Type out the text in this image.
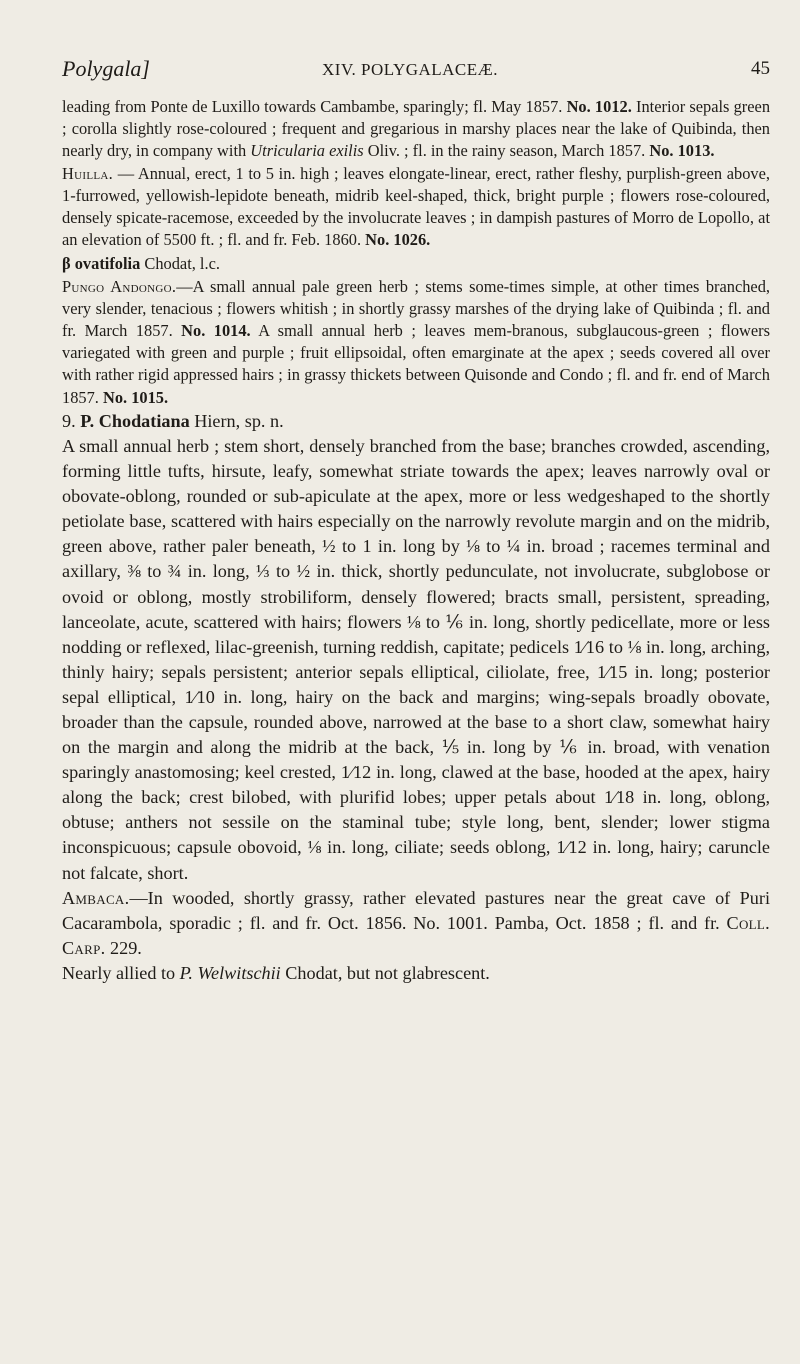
Polygala]	XIV. POLYGALACEÆ.	45

leading from Ponte de Luxillo towards Cambambe, sparingly; fl. May 1857. No. 1012. Interior sepals green ; corolla slightly rose-coloured ; frequent and gregarious in marshy places near the lake of Quibinda, then nearly dry, in company with Utricularia exilis Oliv. ; fl. in the rainy season, March 1857. No. 1013.

Huilla. — Annual, erect, 1 to 5 in. high ; leaves elongate-linear, erect, rather fleshy, purplish-green above, 1-furrowed, yellowish-lepidote beneath, midrib keel-shaped, thick, bright purple ; flowers rose-coloured, densely spicate-racemose, exceeded by the involucrate leaves ; in dampish pastures of Morro de Lopollo, at an elevation of 5500 ft. ; fl. and fr. Feb. 1860. No. 1026.

β ovatifolia Chodat, l.c.

Pungo Andongo.—A small annual pale green herb ; stems some-times simple, at other times branched, very slender, tenacious ; flowers whitish ; in shortly grassy marshes of the drying lake of Quibinda ; fl. and fr. March 1857. No. 1014. A small annual herb ; leaves mem-branous, subglaucous-green ; flowers variegated with green and purple ; fruit ellipsoidal, often emarginate at the apex ; seeds covered all over with rather rigid appressed hairs ; in grassy thickets between Quisonde and Condo ; fl. and fr. end of March 1857. No. 1015.

9. P. Chodatiana Hiern, sp. n.

A small annual herb ; stem short, densely branched from the base; branches crowded, ascending, forming little tufts, hirsute, leafy, somewhat striate towards the apex; leaves narrowly oval or obovate-oblong, rounded or sub-apiculate at the apex, more or less wedgeshaped to the shortly petiolate base, scattered with hairs especially on the narrowly revolute margin and on the midrib, green above, rather paler beneath, ½ to 1 in. long by ⅛ to ¼ in. broad ; racemes terminal and axillary, ⅜ to ¾ in. long, ⅓ to ½ in. thick, shortly pedunculate, not involucrate, subglobose or ovoid or oblong, mostly strobiliform, densely flowered; bracts small, persistent, spreading, lanceolate, acute, scattered with hairs; flowers ⅛ to ⅙ in. long, shortly pedicellate, more or less nodding or reflexed, lilac-greenish, turning reddish, capitate; pedicels 1⁄16 to ⅛ in. long, arching, thinly hairy; sepals persistent; anterior sepals elliptical, ciliolate, free, 1⁄15 in. long; posterior sepal elliptical, 1⁄10 in. long, hairy on the back and margins; wing-sepals broadly obovate, broader than the capsule, rounded above, narrowed at the base to a short claw, somewhat hairy on the margin and along the midrib at the back, ⅕ in. long by ⅙ in. broad, with venation sparingly anastomosing; keel crested, 1⁄12 in. long, clawed at the base, hooded at the apex, hairy along the back; crest bilobed, with plurifid lobes; upper petals about 1⁄18 in. long, oblong, obtuse; anthers not sessile on the staminal tube; style long, bent, slender; lower stigma inconspicuous; capsule obovoid, ⅛ in. long, ciliate; seeds oblong, 1⁄12 in. long, hairy; caruncle not falcate, short.

Ambaca.—In wooded, shortly grassy, rather elevated pastures near the great cave of Puri Cacarambola, sporadic ; fl. and fr. Oct. 1856. No. 1001. Pamba, Oct. 1858 ; fl. and fr. Coll. Carp. 229.

Nearly allied to P. Welwitschii Chodat, but not glabrescent.
